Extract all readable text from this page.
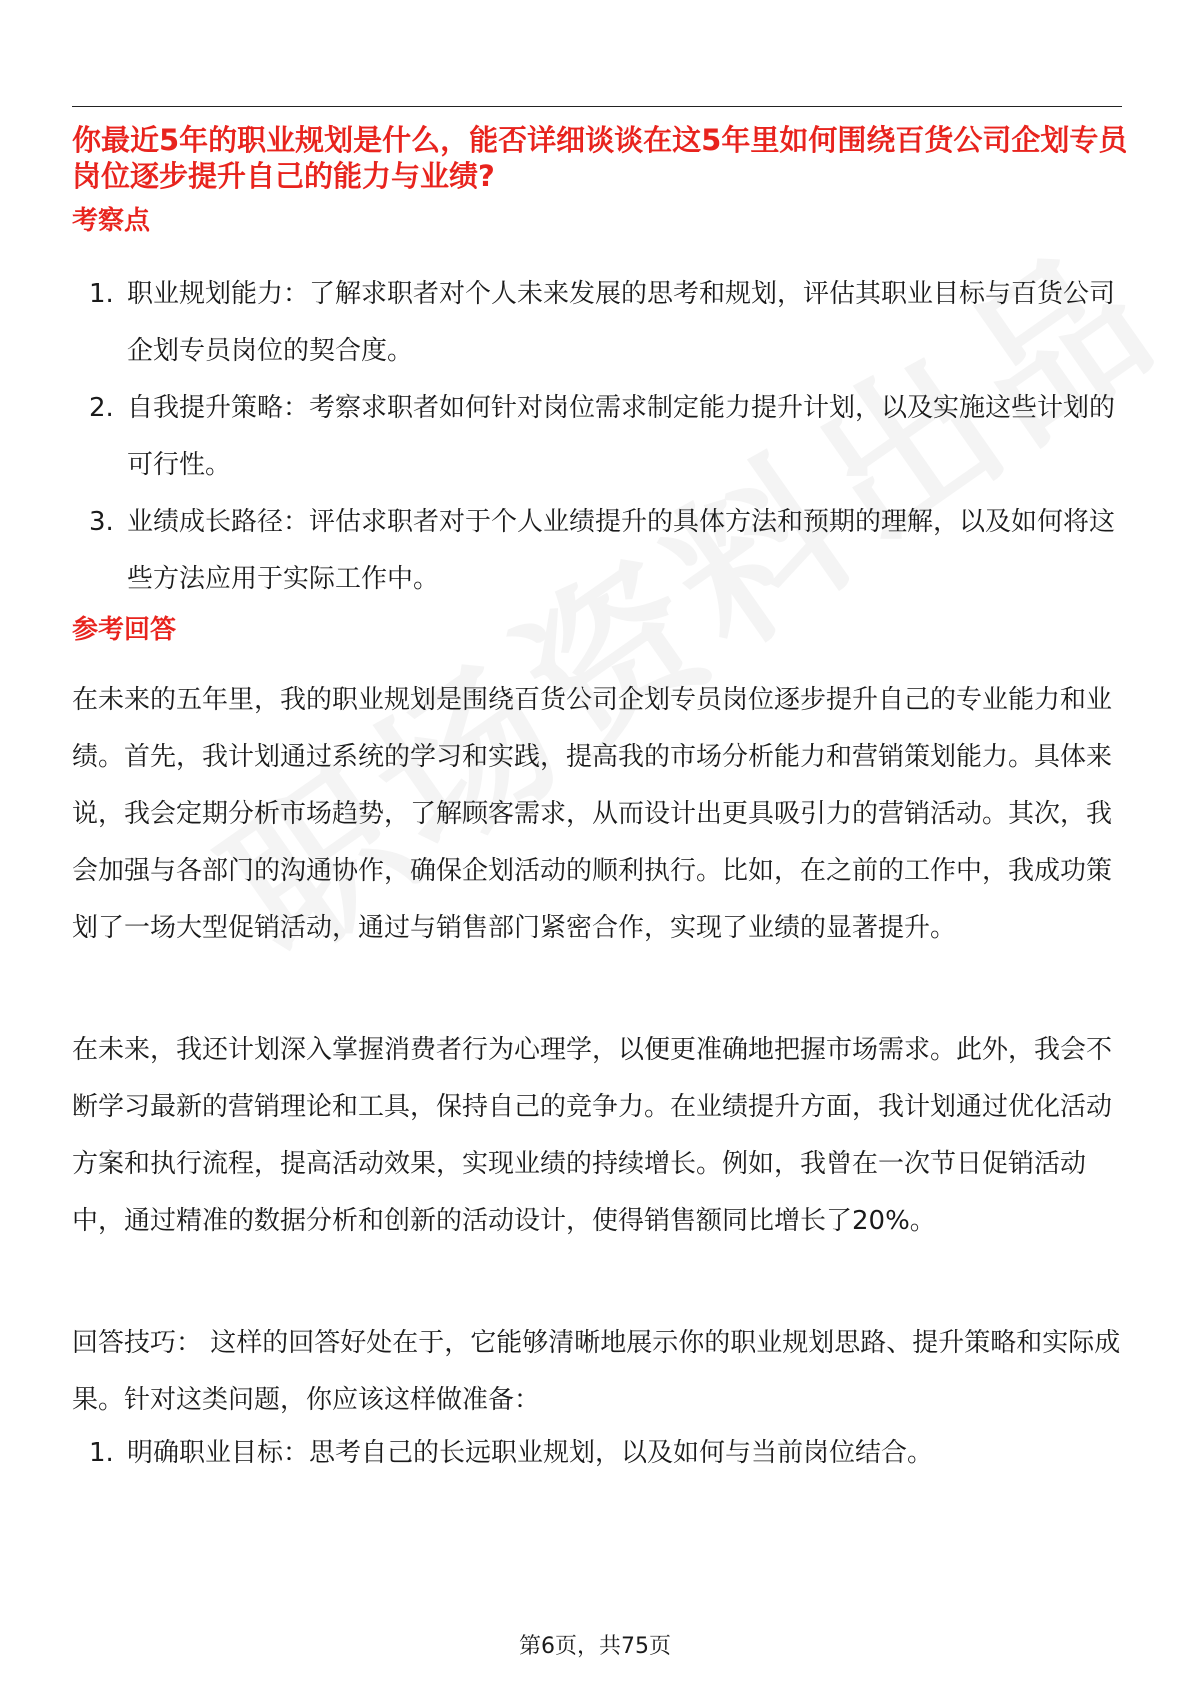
你最近5年的职业规划是什么，能否详细谈谈在这5年里如何围绕百货公司企划专员岗位逐步提升自己的能力与业绩?
考察点
1. 职业规划能力：了解求职者对个人未来发展的思考和规划，评估其职业目标与百货公司企划专员岗位的契合度。
2. 自我提升策略：考察求职者如何针对岗位需求制定能力提升计划，以及实施这些计划的可行性。
3. 业绩成长路径：评估求职者对于个人业绩提升的具体方法和预期的理解，以及如何将这些方法应用于实际工作中。
参考回答

在未来的五年里，我的职业规划是围绕百货公司企划专员岗位逐步提升自己的专业能力和业绩。首先，我计划通过系统的学习和实践，提高我的市场分析能力和营销策划能力。具体来说，我会定期分析市场趋势，了解顾客需求，从而设计出更具吸引力的营销活动。其次，我会加强与各部门的沟通协作，确保企划活动的顺利执行。比如，在之前的工作中，我成功策划了一场大型促销活动，通过与销售部门紧密合作，实现了业绩的显著提升。

在未来，我还计划深入掌握消费者行为心理学，以便更准确地把握市场需求。此外，我会不断学习最新的营销理论和工具，保持自己的竞争力。在业绩提升方面，我计划通过优化活动方案和执行流程，提高活动效果，实现业绩的持续增长。例如，我曾在一次节日促销活动中，通过精准的数据分析和创新的活动设计，使得销售额同比增长了20%。

回答技巧： 这样的回答好处在于，它能够清晰地展示你的职业规划思路、提升策略和实际成果。针对这类问题，你应该这样做准备：

1. 明确职业目标：思考自己的长远职业规划，以及如何与当前岗位结合。
第6页，共75页
